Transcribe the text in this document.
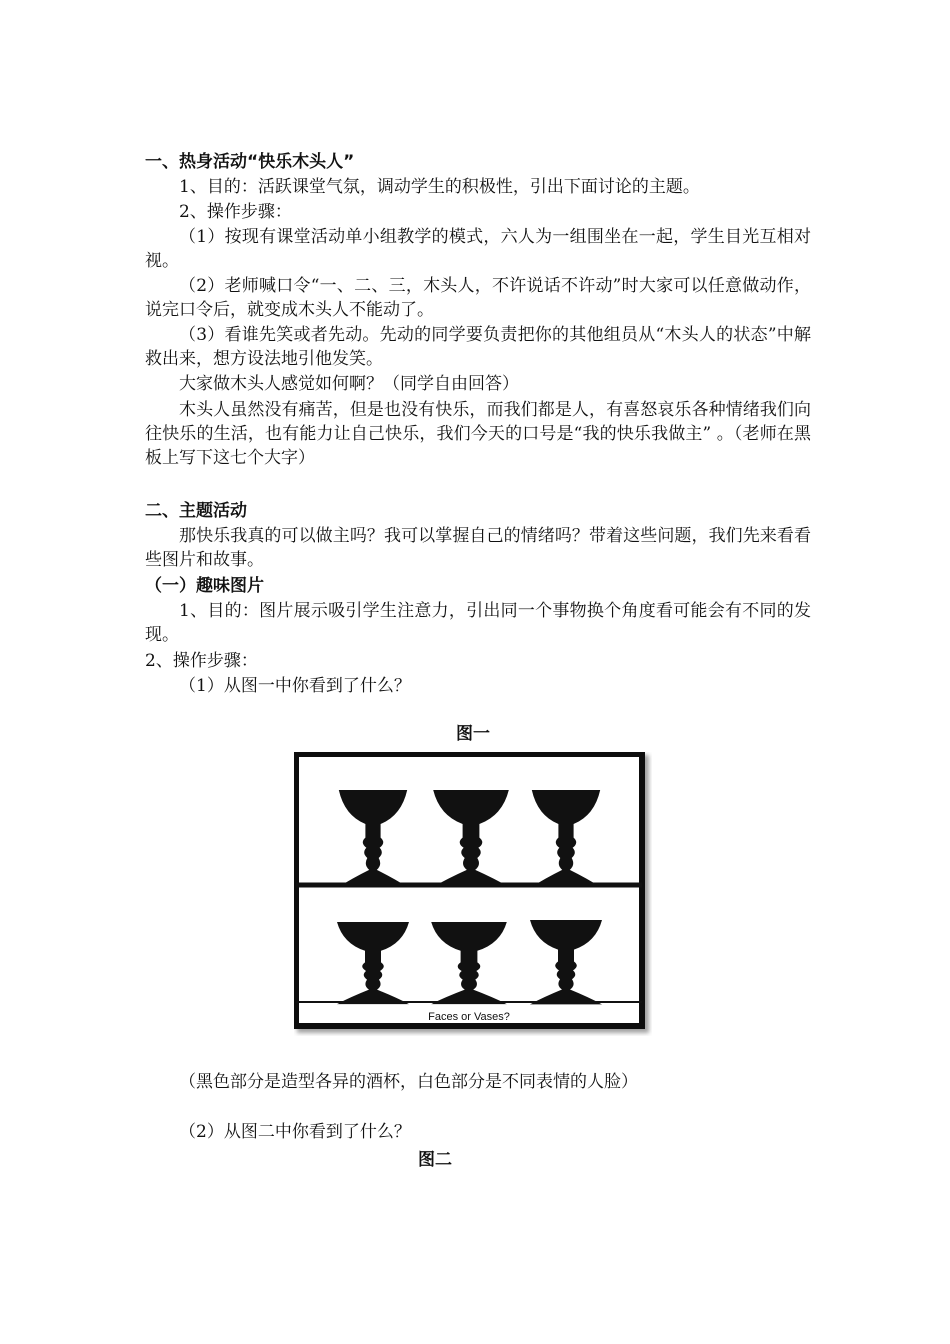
一、热身活动“快乐木头人”
1、目的：活跃课堂气氛，调动学生的积极性，引出下面讨论的主题。
2、操作步骤：
（1）按现有课堂活动单小组教学的模式，六人为一组围坐在一起，学生目光互相对视。
（2）老师喊口令“一、二、三，木头人，不许说话不许动”时大家可以任意做动作，说完口令后，就变成木头人不能动了。
（3）看谁先笑或者先动。先动的同学要负责把你的其他组员从“木头人的状态”中解救出来，想方设法地引他发笑。
大家做木头人感觉如何啊？（同学自由回答）
木头人虽然没有痛苦，但是也没有快乐，而我们都是人，有喜怒哀乐各种情绪我们向往快乐的生活，也有能力让自己快乐，我们今天的口号是“我的快乐我做主” 。（老师在黑板上写下这七个大字）
二、主题活动
那快乐我真的可以做主吗？我可以掌握自己的情绪吗？带着这些问题，我们先来看看些图片和故事。
（一）趣味图片
1、目的：图片展示吸引学生注意力，引出同一个事物换个角度看可能会有不同的发现。
2、操作步骤：
（1）从图一中你看到了什么？
图一
Faces or Vases?
（黑色部分是造型各异的酒杯，白色部分是不同表情的人脸）
（2）从图二中你看到了什么？
图二
